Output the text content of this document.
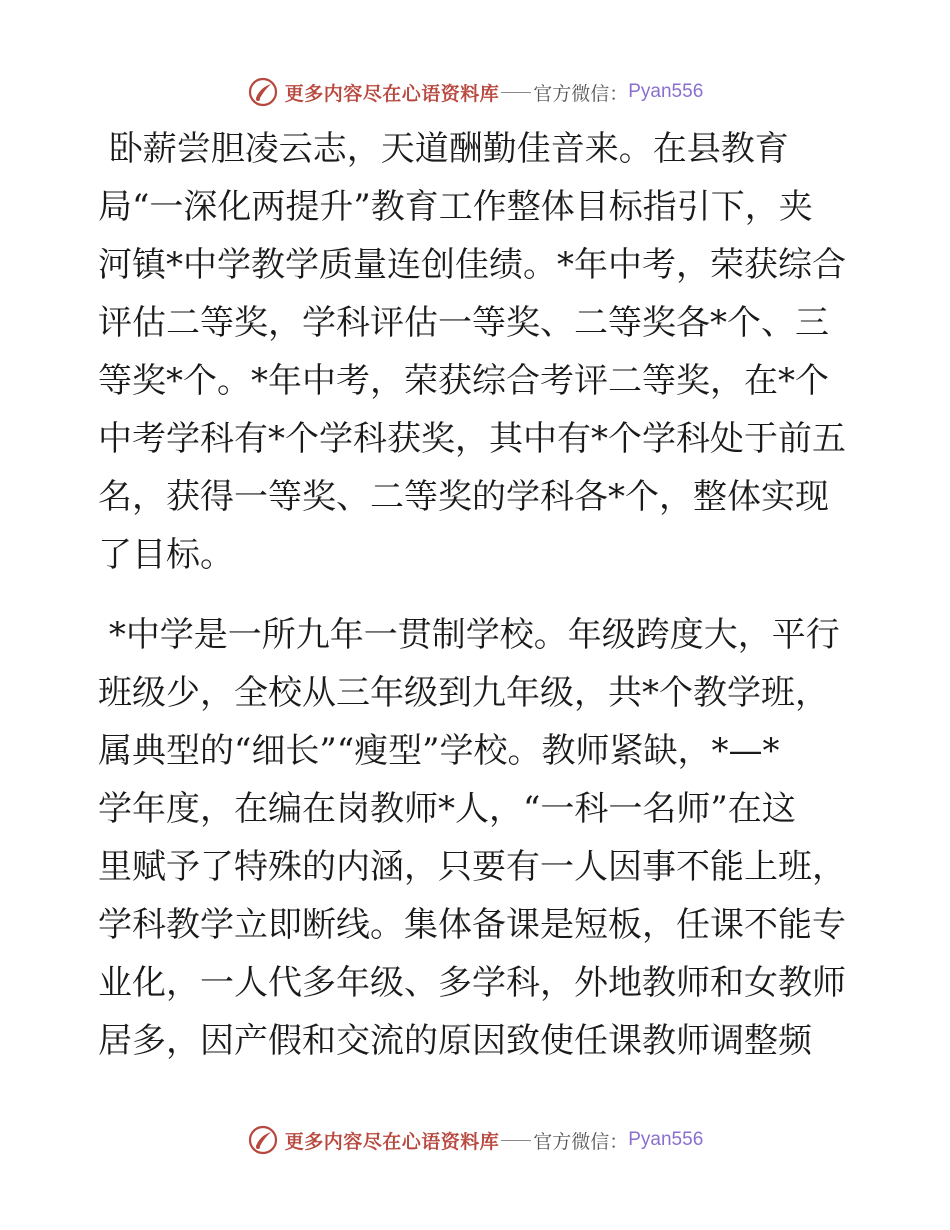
更多内容尽在心语资料库 官方微信： Pyan556

卧薪尝胆凌云志，天道酬勤佳音来。在县教育
局“一深化两提升”教育工作整体目标指引下，夹
河镇*中学教学质量连创佳绩。*年中考，荣获综合
评估二等奖，学科评估一等奖、二等奖各*个、三
等奖*个。*年中考，荣获综合考评二等奖，在*个
中考学科有*个学科获奖，其中有*个学科处于前五
名，获得一等奖、二等奖的学科各*个，整体实现
了目标。

*中学是一所九年一贯制学校。年级跨度大，平行
班级少，全校从三年级到九年级，共*个教学班，
属典型的“细长”“瘦型”学校。教师紧缺，*—*
学年度，在编在岗教师*人，“一科一名师”在这
里赋予了特殊的内涵，只要有一人因事不能上班，
学科教学立即断线。集体备课是短板，任课不能专
业化，一人代多年级、多学科，外地教师和女教师
居多，因产假和交流的原因致使任课教师调整频

更多内容尽在心语资料库 官方微信： Pyan556
